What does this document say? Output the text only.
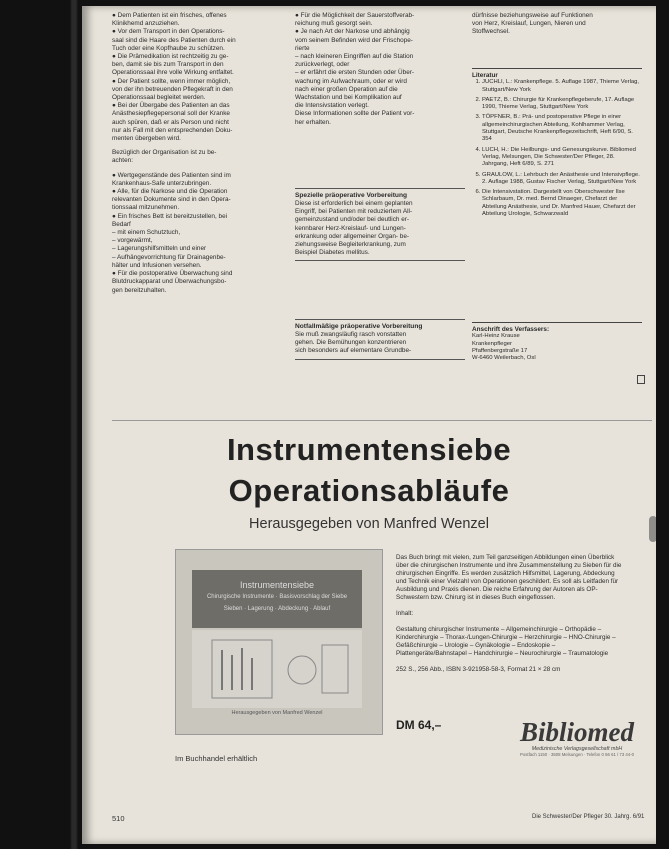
● Dem Patienten ist ein frisches, offenes

Klinikhemd anzuziehen.

● Vor dem Transport in den Operations-

saal sind die Haare des Patienten durch ein

Tuch oder eine Kopfhaube zu schützen.

● Die Prämedikation ist rechtzeitig zu ge-

ben, damit sie bis zum Transport in den

Operationssaal ihre volle Wirkung entfaltet.

● Der Patient sollte, wenn immer möglich,

von der ihn betreuenden Pflegekraft in den

Operationssaal begleitet werden.

● Bei der Übergabe des Patienten an das

Anästhesiepflegepersonal soll der Kranke

auch spüren, daß er als Person und nicht

nur als Fall mit den entsprechenden Doku-

menten übergeben wird.

Bezüglich der Organisation ist zu be-

achten:

● Wertgegenstände des Patienten sind im

Krankenhaus-Safe unterzubringen.

● Alle, für die Narkose und die Operation

relevanten Dokumente sind in den Opera-

tionssaal mitzunehmen.

● Ein frisches Bett ist bereitzustellen, bei

Bedarf

– mit einem Schutztuch,

– vorgewärmt,

– Lagerungshilfsmitteln und einer

– Aufhängevorrichtung für Drainagenbe-

hälter und Infusionen versehen.

● Für die postoperative Überwachung sind

Blutdruckapparat und Überwachungsbo-

gen bereitzuhalten.

● Für die Möglichkeit der Sauerstoffverab-

reichung muß gesorgt sein.

● Je nach Art der Narkose und abhängig

vom seinem Befinden wird der Frischope-

rierte

– nach kleineren Eingriffen auf die Station

zurückverlegt, oder

– er erfährt die ersten Stunden oder Über-

wachung im Aufwachraum, oder er wird

nach einer großen Operation auf die

Wachstation und bei Komplikation auf

die Intensivstation verlegt.

Diese Informationen sollte der Patient vor-

her erhalten.

Spezielle präoperative Vorbereitung

Diese ist erforderlich bei einem geplanten

Eingriff, bei Patienten mit reduziertem All-

gemeinzustand und/oder bei deutlich er-

kennbarer Herz-Kreislauf- und Lungen-

erkrankung oder allgemeiner Organ- be-

ziehungsweise Begleiterkrankung, zum

Beispiel Diabetes mellitus.

Notfallmäßige präoperative Vorbereitung

Sie muß zwangsläufig rasch vonstatten

gehen. Die Bemühungen konzentrieren

sich besonders auf elementare Grundbe-

dürfnisse beziehungsweise auf Funktionen

von Herz, Kreislauf, Lungen, Nieren und

Stoffwechsel.

Literatur

1. JUCHLI, L.: Krankenpflege. 5. Auflage 1987, Thieme Verlag, Stuttgart/New York
2. PAETZ, B.: Chirurgie für Krankenpflegeberufe, 17. Auflage 1990, Thieme Verlag, Stuttgart/New York
3. TÖPFNER, B.: Prä- und postoperative Pflege in einer allgemeinchirurgischen Abteilung, Kohlhammer Verlag, Stuttgart, Deutsche Krankenpflegezeitschrift, Heft 6/90, S. 354
4. LUCH, H.: Die Heilbungs- und Genesungskurve. Bibliomed Verlag, Melsungen, Die Schwester/Der Pfleger, 28. Jahrgang, Heft 6/89, S. 271
5. GRAULOW, L.: Lehrbuch der Anästhesie und Intensivpflege. 2. Auflage 1988, Gustav Fischer Verlag, Stuttgart/New York
6. Die Intensivstation. Dargestellt von Oberschwester Ilse Schlarbaum, Dr. med. Bernd Dinaeger, Chefarzt der Abteilung Anästhesie, und Dr. Manfred Hauer, Chefarzt der Abteilung Urologie, Schwarzwald

Anschrift des Verfassers:

Karl-Heinz Krause

Krankenpfleger

Pfaffenbergstraße 17

W-6460 Weilerbach, Osl

Instrumentensiebe
Operationsabläufe
Herausgegeben von Manfred Wenzel
Instrumentensiebe
Chirurgische Instrumente · Basisvorschlag der Siebe
Sieben · Lagerung · Abdeckung · Ablauf
Herausgegeben von Manfred Wenzel

Das Buch bringt mit vielen, zum Teil ganzseitigen Abbildungen einen Überblick über die chirurgischen Instrumente und ihre Zusammenstellung zu Sieben für die chirurgischen Eingriffe. Es werden zusätzlich Hilfsmittel, Lagerung, Abdeckung und Technik einer Vielzahl von Operationen geschildert. Es soll als Leitfaden für Ausbildung und Praxis dienen. Die reiche Erfahrung der Autoren als OP-Schwestern bzw. Chirurg ist in dieses Buch eingeflossen.

Inhalt:

Gestaltung chirurgischer Instrumente – Allgemeinchirurgie – Orthopädie – Kinderchirurgie – Thorax-/Lungen-Chirurgie – Herzchirurgie – HNO-Chirurgie – Gefäßchirurgie – Urologie – Gynäkologie – Endoskopie – Plattengeräte/Bahnstapel – Handchirurgie – Neurochirurgie – Traumatologie

252 S., 256 Abb., ISBN 3-921958-58-3, Format 21 × 28 cm

DM 64,–
Im Buchhandel erhältlich
Bibliomed
Medizinische Verlagsgesellschaft mbH
Postfach 1150 · 3508 Melsungen · Telefon 0 56 61 / 73 44-0
510	Die Schwester/Der Pfleger 30. Jahrg. 6/91
